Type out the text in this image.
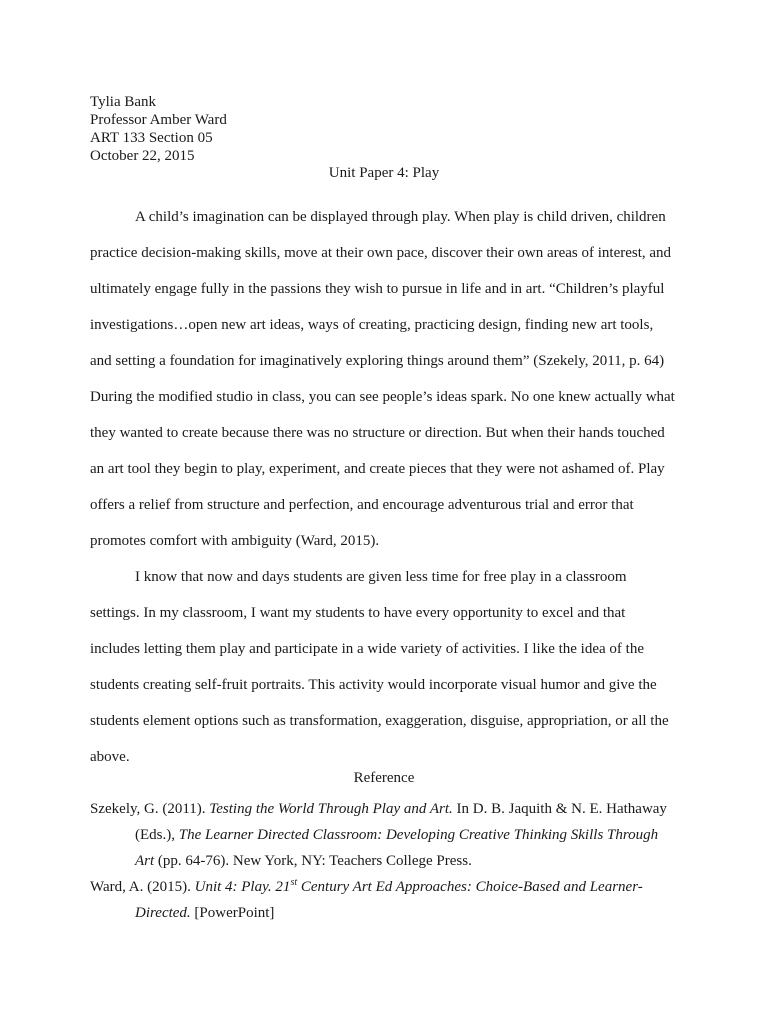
Tylia Bank
Professor Amber Ward
ART 133 Section 05
October 22, 2015
Unit Paper 4: Play
A child’s imagination can be displayed through play. When play is child driven, children
practice decision-making skills, move at their own pace, discover their own areas of interest, and
ultimately engage fully in the passions they wish to pursue in life and in art. “Children’s playful
investigations…open new art ideas, ways of creating, practicing design, finding new art tools,
and setting a foundation for imaginatively exploring things around them” (Szekely, 2011, p. 64)
During the modified studio in class, you can see people’s ideas spark. No one knew actually what
they wanted to create because there was no structure or direction. But when their hands touched
an art tool they begin to play, experiment, and create pieces that they were not ashamed of. Play
offers a relief from structure and perfection, and encourage adventurous trial and error that
promotes comfort with ambiguity (Ward, 2015).
I know that now and days students are given less time for free play in a classroom
settings. In my classroom, I want my students to have every opportunity to excel and that
includes letting them play and participate in a wide variety of activities. I like the idea of the
students creating self-fruit portraits. This activity would incorporate visual humor and give the
students element options such as transformation, exaggeration, disguise, appropriation, or all the
above.
Reference
Szekely, G. (2011). Testing the World Through Play and Art. In D. B. Jaquith & N. E. Hathaway
(Eds.), The Learner Directed Classroom: Developing Creative Thinking Skills Through
Art (pp. 64-76). New York, NY: Teachers College Press.
Ward, A. (2015). Unit 4: Play. 21st Century Art Ed Approaches: Choice-Based and Learner-
Directed. [PowerPoint]
